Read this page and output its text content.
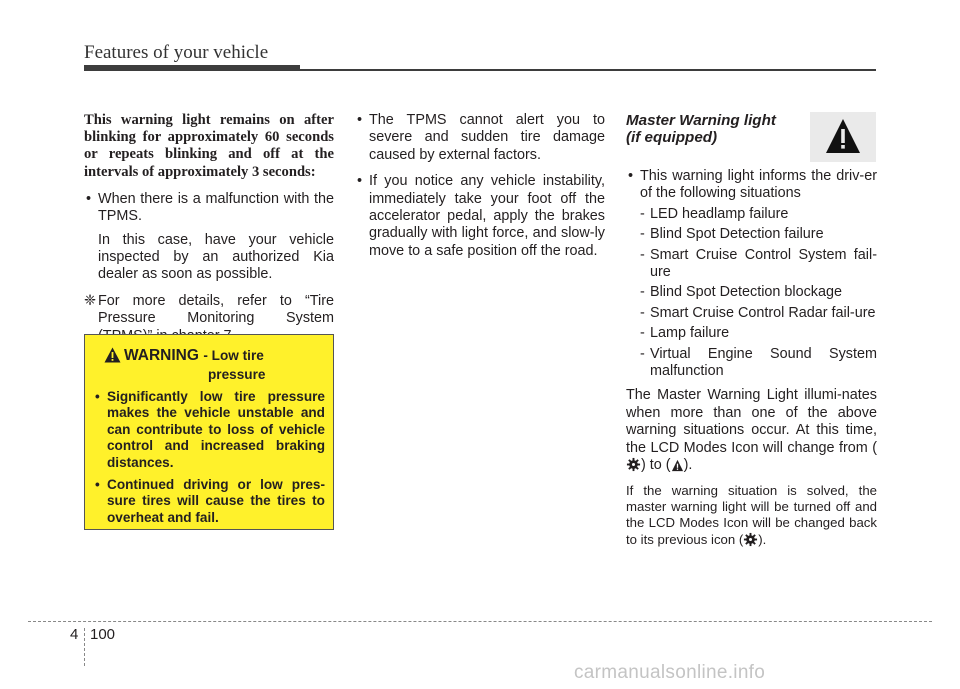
Features of your vehicle

This warning light remains on after blinking for approximately 60 seconds or repeats blinking and off at the intervals of approximately 3 seconds:

• When there is a malfunction with the TPMS.

In this case, have your vehicle inspected by an authorized Kia dealer as soon as possible.

❈ For more details, refer to “Tire Pressure Monitoring System
WARNING - Low tire
pressure
• Significantly low tire pressure makes the vehicle unstable and can contribute to loss of vehicle control and increased braking distances.
• Continued driving or low pres-sure tires will cause the tires to overheat and fail.
• The TPMS cannot alert you to severe and sudden tire damage caused by external factors.
• If you notice any vehicle instability, immediately take your foot off the accelerator pedal, apply the brakes gradually with light force, and slow-ly move to a safe position off the road.

Master Warning light

(if equipped)

• This warning light informs the driv-er of the following situations
- LED headlamp failure
- Blind Spot Detection failure
- Smart Cruise Control System fail-ure
- Blind Spot Detection blockage
- Smart Cruise Control Radar fail-ure
- Lamp failure
- Virtual Engine Sound System malfunction

The Master Warning Light illumi-nates when more than one of the above warning situations occur. At this time, the LCD Modes Icon will change from () to ( ).

If the warning situation is solved, the master warning light will be turned off and the LCD Modes Icon will be changed back to its previous icon ( ).

4 100
carmanualsonline.info
